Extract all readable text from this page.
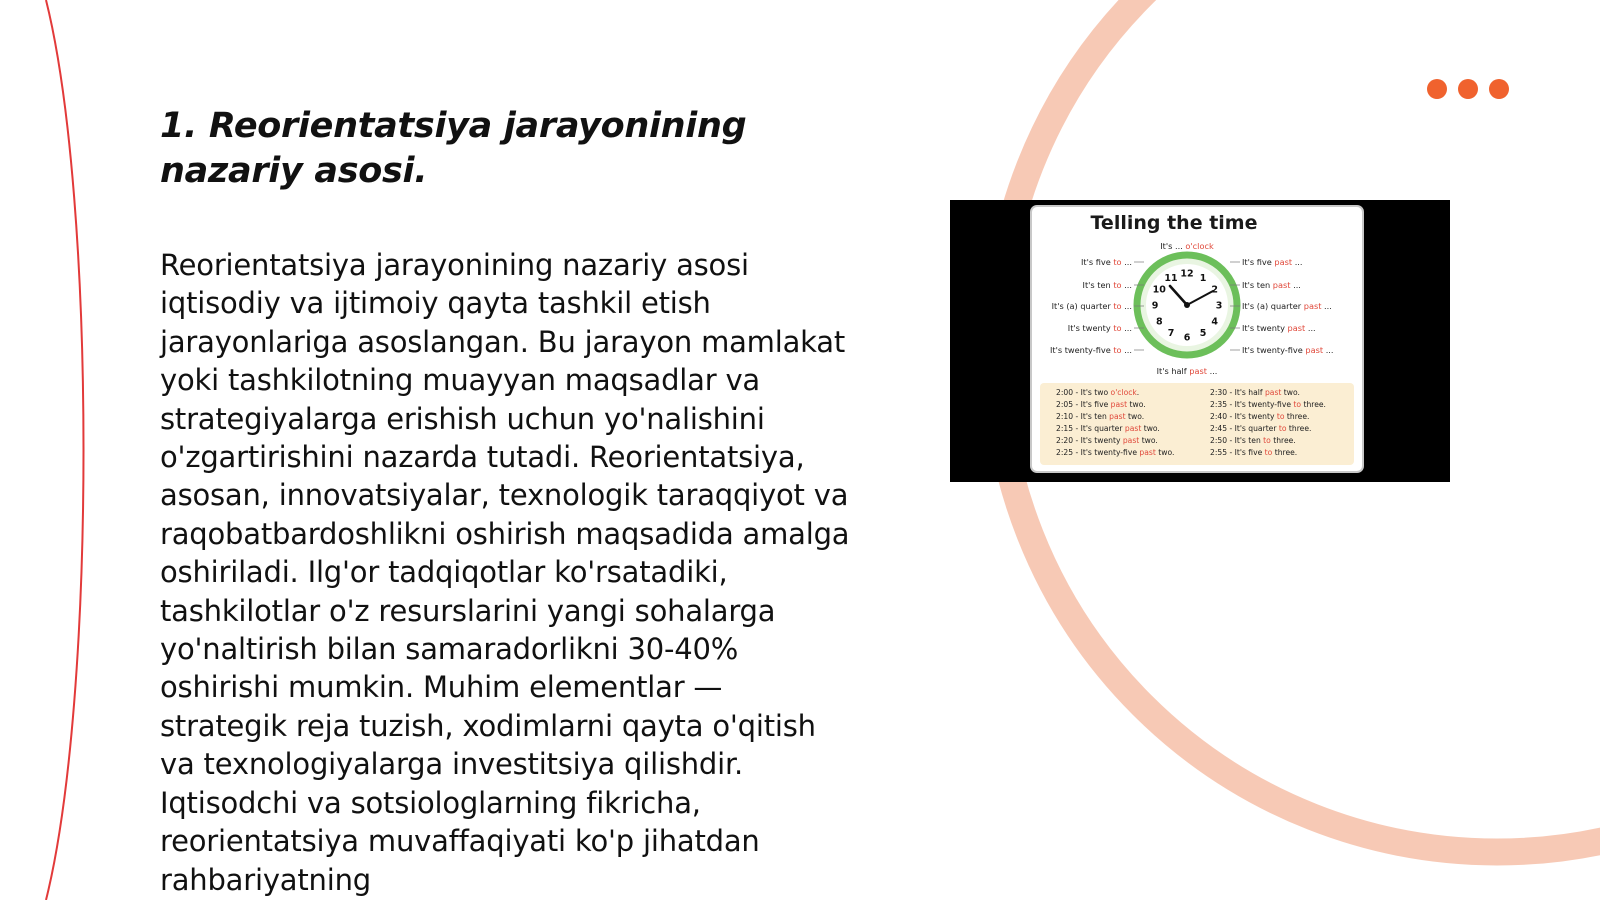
1. Reorientatsiya jarayonining nazariy asosi.

Reorientatsiya jarayonining nazariy asosi iqtisodiy va ijtimoiy qayta tashkil etish jarayonlariga asoslangan. Bu jarayon mamlakat yoki tashkilotning muayyan maqsadlar va strategiyalarga erishish uchun yo'nalishini o'zgartirishini nazarda tutadi. Reorientatsiya, asosan, innovatsiyalar, texnologik taraqqiyot va raqobatbardoshlikni oshirish maqsadida amalga oshiriladi. Ilg'or tadqiqotlar ko'rsatadiki, tashkilotlar o'z resurslarini yangi sohalarga yo'naltirish bilan samaradorlikni 30-40% oshirishi mumkin. Muhim elementlar — strategik reja tuzish, xodimlarni qayta o'qitish va texnologiyalarga investitsiya qilishdir. Iqtisodchi va sotsiologlarning fikricha, reorientatsiya muvaffaqiyati ko'p jihatdan rahbariyatning

Telling the time
It's ... o'clock
12 1
2
3
4
5
6
7
8
9
10
11
It's five to ...
It's ten to ...
It's (a) quarter to ...
It's twenty to ...
It's twenty-five to ...
It's five past ...
It's ten past ...
It's (a) quarter past ...
It's twenty past ...
It's twenty-five past ...
It's half past ...
2:00 - It's two o'clock.
2:05 - It's five past two.
2:10 - It's ten past two.
2:15 - It's quarter past two.
2:20 - It's twenty past two.
2:25 - It's twenty-five past two.
2:30 - It's half past two.
2:35 - It's twenty-five to three.
2:40 - It's twenty to three.
2:45 - It's quarter to three.
2:50 - It's ten to three.
2:55 - It's five to three.
